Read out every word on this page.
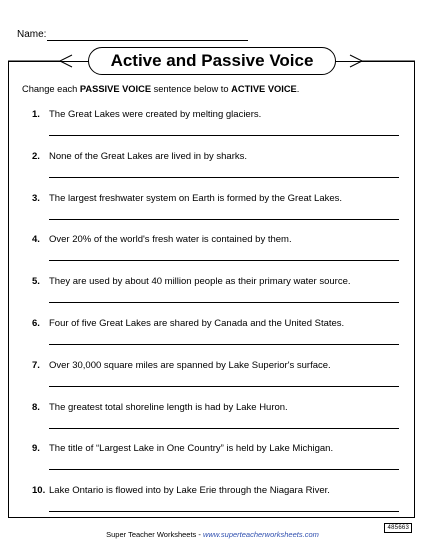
Name:
Active and Passive Voice
Change each PASSIVE VOICE sentence below to ACTIVE VOICE.
1. The Great Lakes were created by melting glaciers.
2. None of the Great Lakes are lived in by sharks.
3. The largest freshwater system on Earth is formed by the Great Lakes.
4. Over 20% of the world's fresh water is contained by them.
5. They are used by about 40 million people as their primary water source.
6. Four of five Great Lakes are shared by Canada and the United States.
7. Over 30,000 square miles are spanned by Lake Superior's surface.
8. The greatest total shoreline length is had by Lake Huron.
9. The title of “Largest Lake in One Country” is held by Lake Michigan.
10. Lake Ontario is flowed into by Lake Erie through the Niagara River.
Super Teacher Worksheets - www.superteacherworksheets.com
485663
